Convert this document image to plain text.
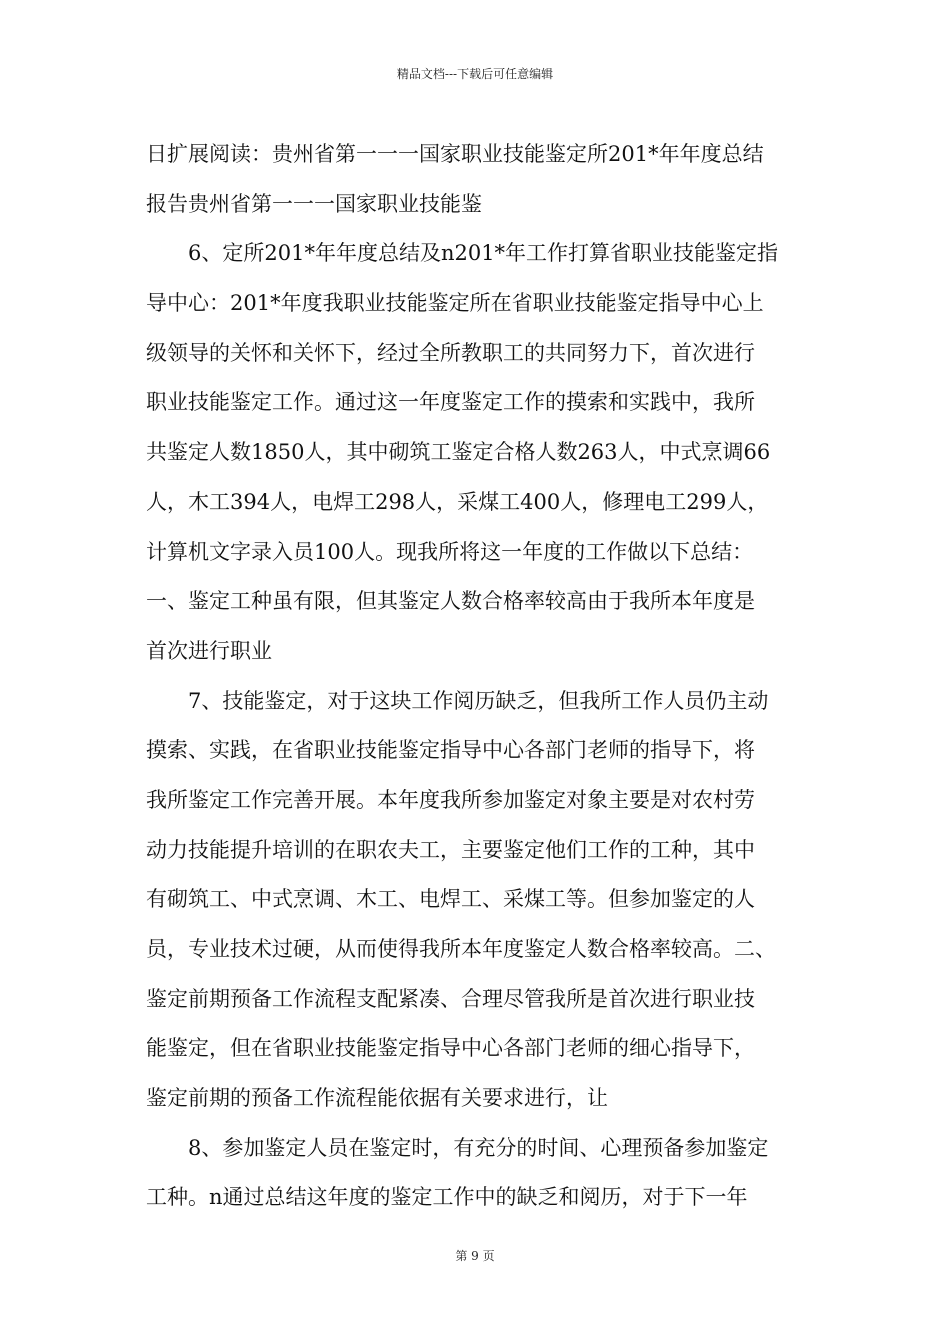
精品文档---下载后可任意编辑
日扩展阅读：贵州省第一一一国家职业技能鉴定所201*年年度总结
报告贵州省第一一一国家职业技能鉴
6、定所201*年年度总结及n201*年工作打算省职业技能鉴定指
导中心：201*年度我职业技能鉴定所在省职业技能鉴定指导中心上
级领导的关怀和关怀下，经过全所教职工的共同努力下，首次进行
职业技能鉴定工作。通过这一年度鉴定工作的摸索和实践中，我所
共鉴定人数1850人，其中砌筑工鉴定合格人数263人，中式烹调66
人，木工394人，电焊工298人，采煤工400人，修理电工299人，
计算机文字录入员100人。现我所将这一年度的工作做以下总结：
一、鉴定工种虽有限，但其鉴定人数合格率较高由于我所本年度是
首次进行职业
7、技能鉴定，对于这块工作阅历缺乏，但我所工作人员仍主动
摸索、实践，在省职业技能鉴定指导中心各部门老师的指导下，将
我所鉴定工作完善开展。本年度我所参加鉴定对象主要是对农村劳
动力技能提升培训的在职农夫工，主要鉴定他们工作的工种，其中
有砌筑工、中式烹调、木工、电焊工、采煤工等。但参加鉴定的人
员，专业技术过硬，从而使得我所本年度鉴定人数合格率较高。二、
鉴定前期预备工作流程支配紧凑、合理尽管我所是首次进行职业技
能鉴定，但在省职业技能鉴定指导中心各部门老师的细心指导下，
鉴定前期的预备工作流程能依据有关要求进行，让
8、参加鉴定人员在鉴定时，有充分的时间、心理预备参加鉴定
工种。n通过总结这年度的鉴定工作中的缺乏和阅历，对于下一年
第 9 页
